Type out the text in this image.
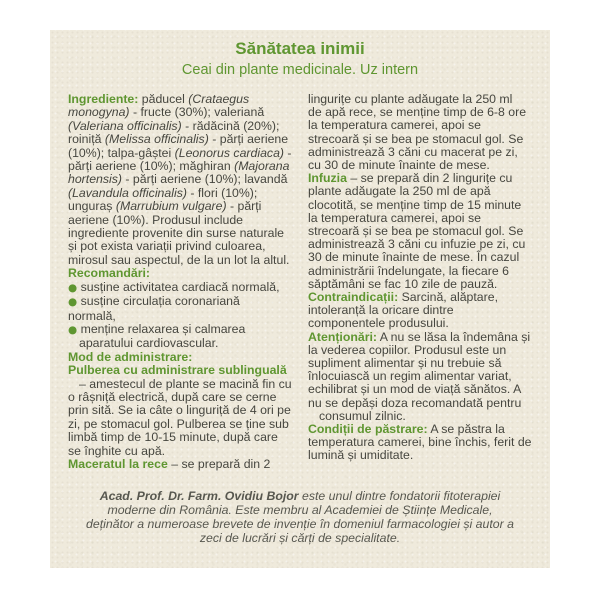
Sănătatea inimii
Ceai din plante medicinale. Uz intern
Ingrediente: păducel (Crataegus
monogyna) - fructe (30%); valeriană
(Valeriana officinalis) - rădăcină (20%);
roiniță (Melissa officinalis) - părți aeriene
(10%); talpa-gâștei (Leonorus cardiaca) -
părți aeriene (10%); măghiran (Majorana
hortensis) - părți aeriene (10%); lavandă
(Lavandula officinalis) - flori (10%);
unguraș (Marrubium vulgare) - părți
aeriene (10%). Produsul include
ingrediente provenite din surse naturale
și pot exista variații privind culoarea,
mirosul sau aspectul, de la un lot la altul.
Recomandări:
● susține activitatea cardiacă normală,
● susține circulația coronariană
normală,
● menține relaxarea și calmarea
aparatului cardiovascular.
Mod de administrare:
Pulberea cu administrare sublinguală
– amestecul de plante se macină fin cu
o râșniță electrică, după care se cerne
prin sită. Se ia câte o linguriță de 4 ori pe
zi, pe stomacul gol. Pulberea se ține sub
limbă timp de 10-15 minute, după care
se înghite cu apă.
Maceratul la rece – se prepară din 2
lingurițe cu plante adăugate la 250 ml
de apă rece, se menține timp de 6-8 ore
la temperatura camerei, apoi se
strecoară și se bea pe stomacul gol. Se
administrează 3 căni cu macerat pe zi,
cu 30 de minute înainte de mese.
Infuzia – se prepară din 2 lingurițe cu
plante adăugate la 250 ml de apă
clocotită, se menține timp de 15 minute
la temperatura camerei, apoi se
strecoară și se bea pe stomacul gol. Se
administrează 3 căni cu infuzie pe zi, cu
30 de minute înainte de mese. În cazul
administrării îndelungate, la fiecare 6
săptămâni se fac 10 zile de pauză.
Contraindicații: Sarcină, alăptare,
intoleranță la oricare dintre
componentele produsului.
Atenționări: A nu se lăsa la îndemâna și
la vederea copiilor. Produsul este un
supliment alimentar și nu trebuie să
înlocuiască un regim alimentar variat,
echilibrat și un mod de viață sănătos. A
nu se depăși doza recomandată pentru
consumul zilnic.
Condiții de păstrare: A se păstra la
temperatura camerei, bine închis, ferit de
lumină și umiditate.
Acad. Prof. Dr. Farm. Ovidiu Bojor este unul dintre fondatorii fitoterapiei
moderne din România. Este membru al Academiei de Științe Medicale,
deținător a numeroase brevete de invenție în domeniul farmacologiei și autor a
zeci de lucrări și cărți de specialitate.
